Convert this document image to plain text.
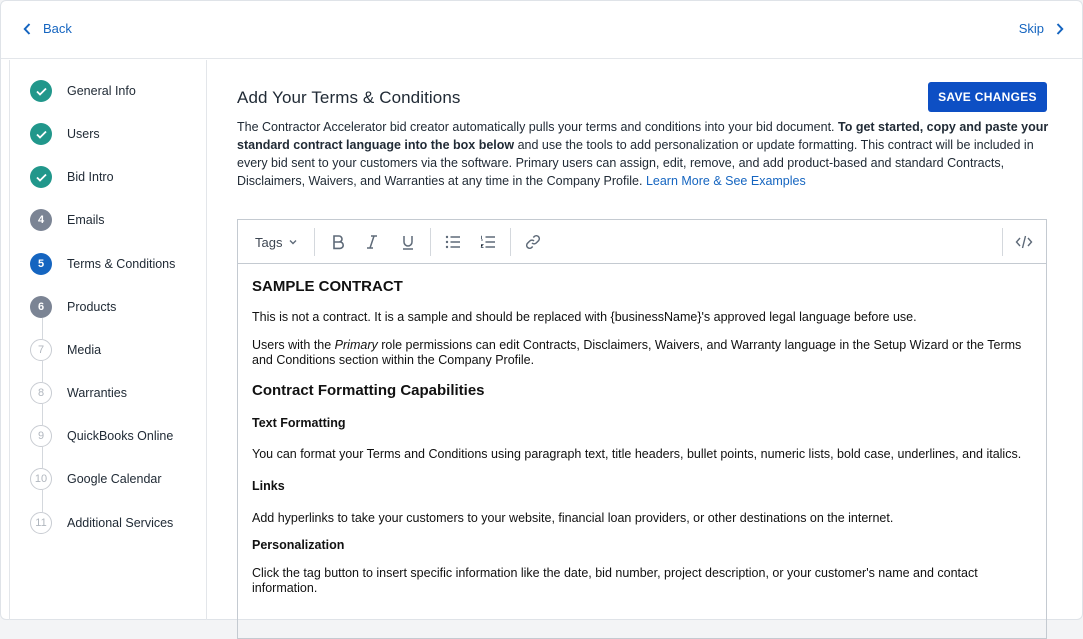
Back	Skip
General Info
Users
Bid Intro
4	Emails
5	Terms & Conditions
6	Products
7	Media
8	Warranties
9	QuickBooks Online
10	Google Calendar
11	Additional Services
Add Your Terms & Conditions	SAVE CHANGES
The Contractor Accelerator bid creator automatically pulls your terms and conditions into your bid document. To get started, copy and paste your standard contract language into the box below and use the tools to add personalization or update formatting. This contract will be included in every bid sent to your customers via the software. Primary users can assign, edit, remove, and add product-based and standard Contracts, Disclaimers, Waivers, and Warranties at any time in the Company Profile. Learn More & See Examples
Tags
SAMPLE CONTRACT
This is not a contract. It is a sample and should be replaced with {businessName}'s approved legal language before use.
Users with the Primary role permissions can edit Contracts, Disclaimers, Waivers, and Warranty language in the Setup Wizard or the Terms and Conditions section within the Company Profile.
Contract Formatting Capabilities
Text Formatting
You can format your Terms and Conditions using paragraph text, title headers, bullet points, numeric lists, bold case, underlines, and italics.
Links
Add hyperlinks to take your customers to your website, financial loan providers, or other destinations on the internet.
Personalization
Click the tag button to insert specific information like the date, bid number, project description, or your customer's name and contact information.
